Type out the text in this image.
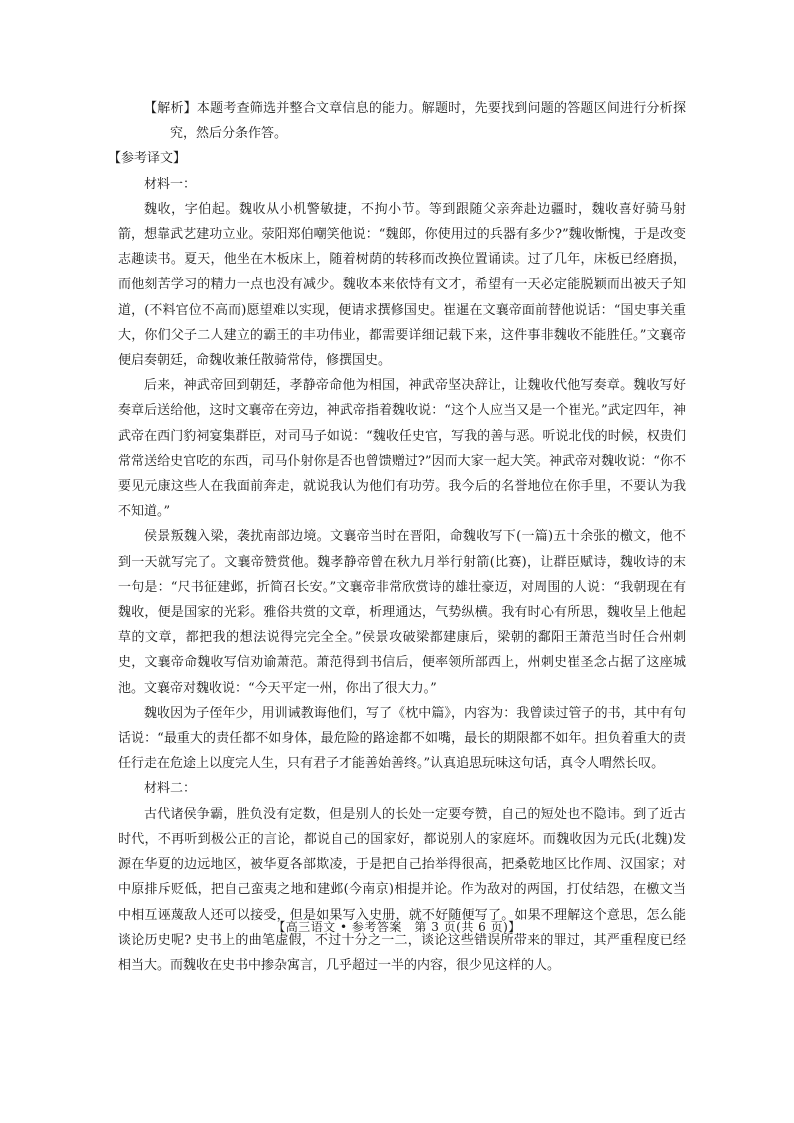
【解析】本题考查筛选并整合文章信息的能力。解题时，先要找到问题的答题区间进行分析探究，然后分条作答。

【参考译文】

材料一：

魏收，字伯起。魏收从小机警敏捷，不拘小节。等到跟随父亲奔赴边疆时，魏收喜好骑马射箭，想靠武艺建功立业。荥阳郑伯嘲笑他说：“魏郎，你使用过的兵器有多少?”魏收惭愧，于是改变志趣读书。夏天，他坐在木板床上，随着树荫的转移而改换位置诵读。过了几年，床板已经磨损，而他刻苦学习的精力一点也没有减少。魏收本来依恃有文才，希望有一天必定能脱颖而出被天子知道，(不料官位不高而)愿望难以实现，便请求撰修国史。崔暹在文襄帝面前替他说话：“国史事关重大，你们父子二人建立的霸王的丰功伟业，都需要详细记载下来，这件事非魏收不能胜任。”文襄帝便启奏朝廷，命魏收兼任散骑常侍，修撰国史。

后来，神武帝回到朝廷，孝静帝命他为相国，神武帝坚决辞让，让魏收代他写奏章。魏收写好奏章后送给他，这时文襄帝在旁边，神武帝指着魏收说：“这个人应当又是一个崔光。”武定四年，神武帝在西门豹祠宴集群臣，对司马子如说：“魏收任史官，写我的善与恶。听说北伐的时候，权贵们常常送给史官吃的东西，司马仆射你是否也曾馈赠过?”因而大家一起大笑。神武帝对魏收说：“你不要见元康这些人在我面前奔走，就说我认为他们有功劳。我今后的名誉地位在你手里，不要认为我不知道。”

侯景叛魏入梁，袭扰南部边境。文襄帝当时在晋阳，命魏收写下(一篇)五十余张的檄文，他不到一天就写完了。文襄帝赞赏他。魏孝静帝曾在秋九月举行射箭(比赛)，让群臣赋诗，魏收诗的末一句是：“尺书征建邺，折简召长安。”文襄帝非常欣赏诗的雄壮豪迈，对周围的人说：“我朝现在有魏收，便是国家的光彩。雅俗共赏的文章，析理通达，气势纵横。我有时心有所思，魏收呈上他起草的文章，都把我的想法说得完完全全。”侯景攻破梁都建康后，梁朝的鄱阳王萧范当时任合州刺史，文襄帝命魏收写信劝谕萧范。萧范得到书信后，便率领所部西上，州刺史崔圣念占据了这座城池。文襄帝对魏收说：“今天平定一州，你出了很大力。”

魏收因为子侄年少，用训诫教诲他们，写了《枕中篇》，内容为：我曾读过管子的书，其中有句话说：“最重大的责任都不如身体，最危险的路途都不如嘴，最长的期限都不如年。担负着重大的责任行走在危途上以度完人生，只有君子才能善始善终。”认真追思玩味这句话，真令人喟然长叹。

材料二：

古代诸侯争霸，胜负没有定数，但是别人的长处一定要夸赞，自己的短处也不隐讳。到了近古时代，不再听到极公正的言论，都说自己的国家好，都说别人的家庭坏。而魏收因为元氏(北魏)发源在华夏的边远地区，被华夏各部欺凌，于是把自己抬举得很高，把桑乾地区比作周、汉国家；对中原排斥贬低，把自己蛮夷之地和建邺(今南京)相提并论。作为敌对的两国，打仗结怨，在檄文当中相互诬蔑敌人还可以接受，但是如果写入史册，就不好随便写了。如果不理解这个意思，怎么能谈论历史呢? 史书上的曲笔虚假，不过十分之一二，谈论这些错误所带来的罪过，其严重程度已经相当大。而魏收在史书中掺杂寓言，几乎超过一半的内容，很少见这样的人。

【高三语文 • 参考答案　第 3 页(共 6 页)】
